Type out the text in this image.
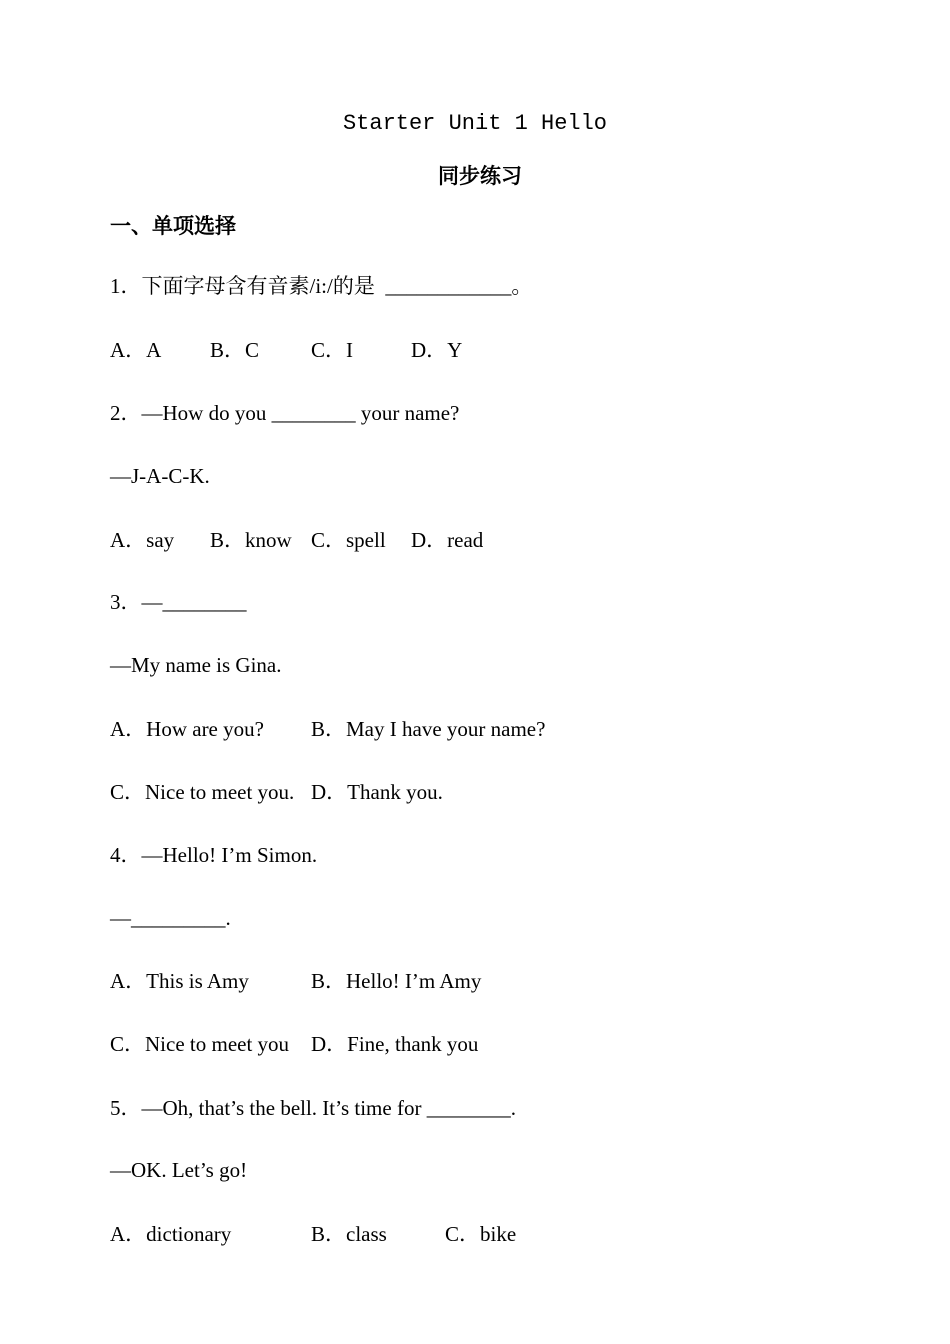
Starter Unit 1 Hello
同步练习
一、单项选择
1．下面字母含有音素/i:/的是  ____________。
A．A B．C C．I	D．Y
2．—How do you ________ your name?
—J-A-C-K.
A．say B．know C．spell D．read
3．—________
—My name is Gina.
A．How are you? B．May I have your name?
C．Nice to meet you. D．Thank you.
4．—Hello! I’m Simon.
—_________.
A．This is Amy	B．Hello! I’m Amy
C．Nice to meet you D．Fine, thank you
5．—Oh, that’s the bell. It’s time for ________.
—OK. Let’s go!
A．dictionary	B．class	C．bike
